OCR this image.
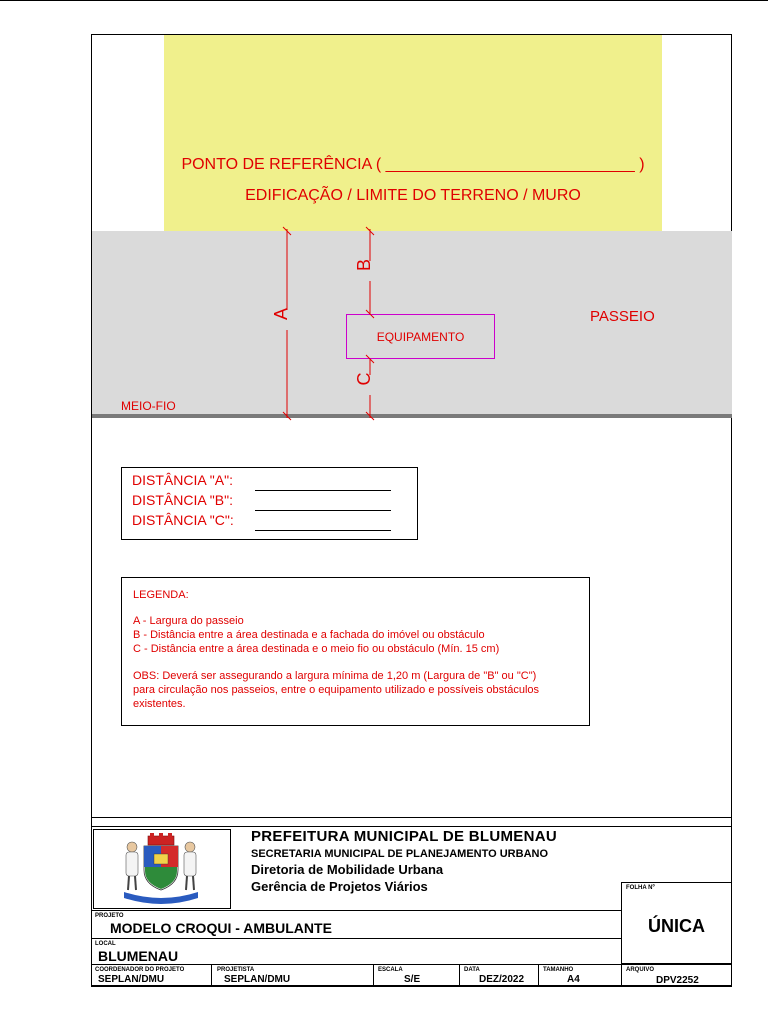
PONTO DE REFERÊNCIA ( ____________________________ )
EDIFICAÇÃO / LIMITE DO TERRENO / MURO
PASSEIO
MEIO-FIO
EQUIPAMENTO
A
B
C
DISTÂNCIA "A":
DISTÂNCIA "B":
DISTÂNCIA "C":
LEGENDA:
A - Largura do passeio
B - Distância entre a área destinada e a fachada do imóvel ou obstáculo
C - Distância entre a área destinada e o meio fio ou obstáculo (Mín. 15 cm)
OBS: Deverá ser assegurando a largura mínima de 1,20 m (Largura de "B" ou "C")
para circulação nos passeios, entre o equipamento utilizado e possíveis obstáculos
existentes.
PREFEITURA MUNICIPAL DE BLUMENAU
SECRETARIA MUNICIPAL DE PLANEJAMENTO URBANO
Diretoria de Mobilidade Urbana
Gerência de Projetos Viários	FOLHA Nº
ÚNICA
PROJETO
MODELO CROQUI - AMBULANTE
LOCAL
BLUMENAU
COORDENADOR DO PROJETO
SEPLAN/DMU
PROJETISTA
SEPLAN/DMU
ESCALA
S/E
DATA
DEZ/2022
TAMANHO
A4
ARQUIVO
DPV2252
